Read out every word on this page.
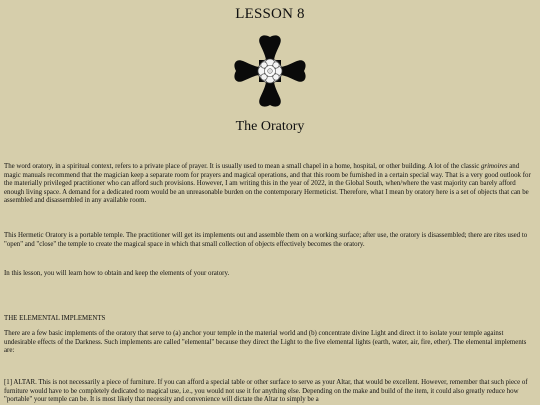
LESSON 8
The Oratory

The word oratory, in a spiritual context, refers to a private place of prayer. It is usually used to mean a small chapel in a home, hospital, or other building. A lot of the classic grimoires and magic manuals recommend that the magician keep a separate room for prayers and magical operations, and that this room be furnished in a certain special way. That is a very good outlook for the materially privileged practitioner who can afford such provisions. However, I am writing this in the year of 2022, in the Global South, when/where the vast majority can barely afford enough living space. A demand for a dedicated room would be an unreasonable burden on the contemporary Hermeticist. Therefore, what I mean by oratory here is a set of objects that can be assembled and disassembled in any available room.

This Hermetic Oratory is a portable temple. The practitioner will get its implements out and assemble them on a working surface; after use, the oratory is disassembled; there are rites used to "open" and "close" the temple to create the magical space in which that small collection of objects effectively becomes the oratory.

In this lesson, you will learn how to obtain and keep the elements of your oratory.

THE ELEMENTAL IMPLEMENTS

There are a few basic implements of the oratory that serve to (a) anchor your temple in the material world and (b) concentrate divine Light and direct it to isolate your temple against undesirable effects of the Darkness. Such implements are called "elemental" because they direct the Light to the five elemental lights (earth, water, air, fire, ether). The elemental implements are:

[1] ALTAR. This is not necessarily a piece of furniture. If you can afford a special table or other surface to serve as your Altar, that would be excellent. However, remember that such piece of furniture would have to be completely dedicated to magical use, i.e., you would not use it for anything else. Depending on the make and build of the item, it could also greatly reduce how "portable" your temple can be. It is most likely that necessity and convenience will dictate the Altar to simply be a
